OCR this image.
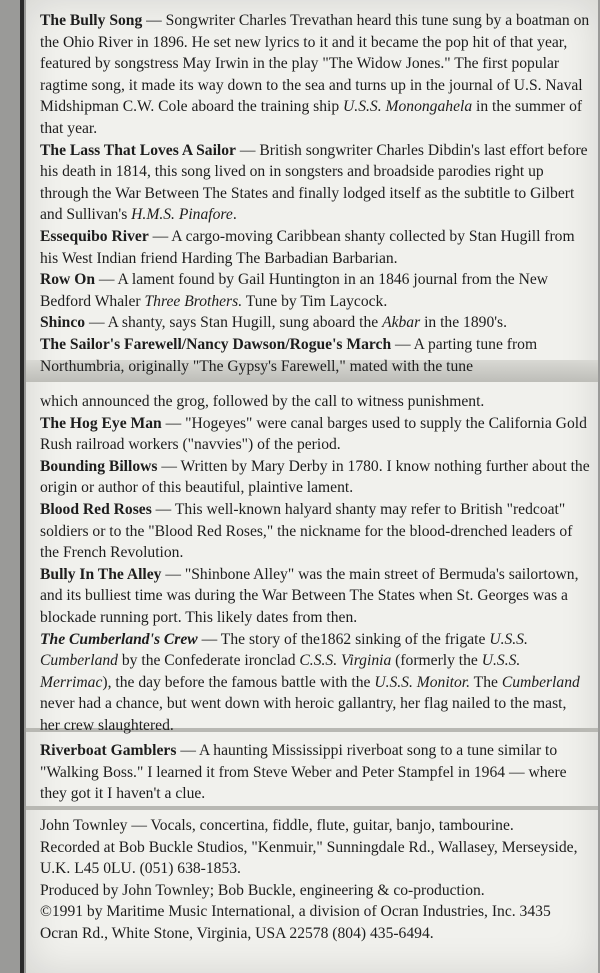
The Bully Song — Songwriter Charles Trevathan heard this tune sung by a boatman on the Ohio River in 1896. He set new lyrics to it and it became the pop hit of that year, featured by songstress May Irwin in the play "The Widow Jones." The first popular ragtime song, it made its way down to the sea and turns up in the journal of U.S. Naval Midshipman C.W. Cole aboard the training ship U.S.S. Monongahela in the summer of that year.

The Lass That Loves A Sailor — British songwriter Charles Dibdin's last effort before his death in 1814, this song lived on in songsters and broadside parodies right up through the War Between The States and finally lodged itself as the subtitle to Gilbert and Sullivan's H.M.S. Pinafore.

Essequibo River — A cargo-moving Caribbean shanty collected by Stan Hugill from his West Indian friend Harding The Barbadian Barbarian.

Row On — A lament found by Gail Huntington in an 1846 journal from the New Bedford Whaler Three Brothers. Tune by Tim Laycock.

Shinco — A shanty, says Stan Hugill, sung aboard the Akbar in the 1890's.

The Sailor's Farewell/Nancy Dawson/Rogue's March — A parting tune from Northumbria, originally "The Gypsy's Farewell," mated with the tune

which announced the grog, followed by the call to witness punishment.

The Hog Eye Man — "Hogeyes" were canal barges used to supply the California Gold Rush railroad workers ("navvies") of the period.

Bounding Billows — Written by Mary Derby in 1780. I know nothing further about the origin or author of this beautiful, plaintive lament.

Blood Red Roses — This well-known halyard shanty may refer to British "redcoat" soldiers or to the "Blood Red Roses," the nickname for the blood-drenched leaders of the French Revolution.

Bully In The Alley — "Shinbone Alley" was the main street of Bermuda's sailortown, and its bulliest time was during the War Between The States when St. Georges was a blockade running port. This likely dates from then.

The Cumberland's Crew — The story of the1862 sinking of the frigate U.S.S. Cumberland by the Confederate ironclad C.S.S. Virginia (formerly the U.S.S. Merrimac), the day before the famous battle with the U.S.S. Monitor. The Cumberland never had a chance, but went down with heroic gallantry, her flag nailed to the mast, her crew slaughtered.

Riverboat Gamblers — A haunting Mississippi riverboat song to a tune similar to "Walking Boss." I learned it from Steve Weber and Peter Stampfel in 1964 — where they got it I haven't a clue.

John Townley — Vocals, concertina, fiddle, flute, guitar, banjo, tambourine.

Recorded at Bob Buckle Studios, "Kenmuir," Sunningdale Rd., Wallasey, Merseyside, U.K. L45 0LU. (051) 638-1853.

Produced by John Townley; Bob Buckle, engineering & co-production.

©1991 by Maritime Music International, a division of Ocran Industries, Inc. 3435 Ocran Rd., White Stone, Virginia, USA 22578 (804) 435-6494.
